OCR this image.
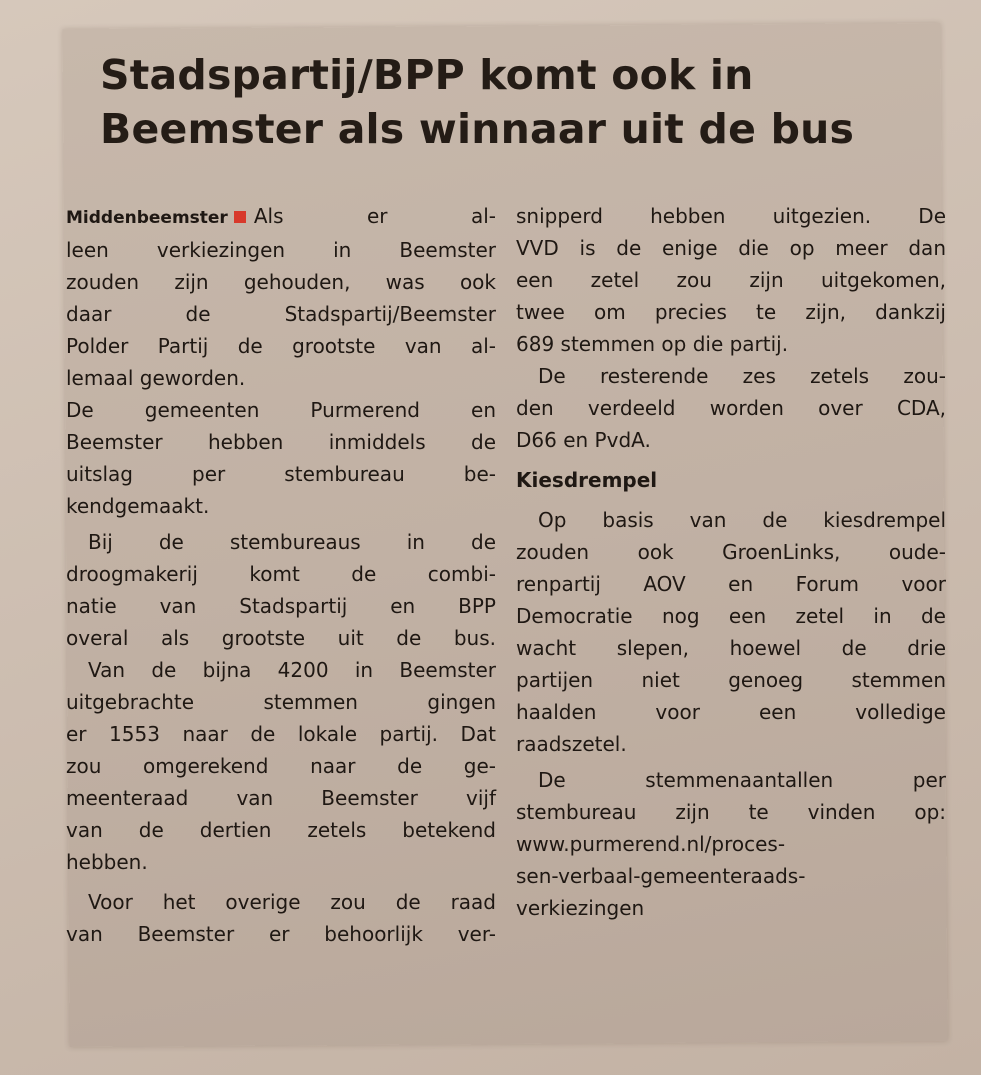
Stadspartij/BPP komt ook in
Beemster als winnaar uit de bus
Middenbeemster Als er al-
leen verkiezingen in Beemster
zouden zijn gehouden, was ook
daar de Stadspartij/Beemster
Polder Partij de grootste van al-
lemaal geworden.
De gemeenten Purmerend en
Beemster hebben inmiddels de
uitslag per stembureau be-
kendgemaakt.
Bij de stembureaus in de
droogmakerij komt de combi-
natie van Stadspartij en BPP
overal als grootste uit de bus.
Van de bijna 4200 in Beemster
uitgebrachte stemmen gingen
er 1553 naar de lokale partij. Dat
zou omgerekend naar de ge-
meenteraad van Beemster vijf
van de dertien zetels betekend
hebben.
Voor het overige zou de raad
van Beemster er behoorlijk ver-
snipperd hebben uitgezien. De
VVD is de enige die op meer dan
een zetel zou zijn uitgekomen,
twee om precies te zijn, dankzij
689 stemmen op die partij.
De resterende zes zetels zou-
den verdeeld worden over CDA,
D66 en PvdA.
Kiesdrempel
Op basis van de kiesdrempel
zouden ook GroenLinks, oude-
renpartij AOV en Forum voor
Democratie nog een zetel in de
wacht slepen, hoewel de drie
partijen niet genoeg stemmen
haalden voor een volledige
raadszetel.
De stemmenaantallen per
stembureau zijn te vinden op:
www.purmerend.nl/proces-
sen-verbaal-gemeenteraads-
verkiezingen
